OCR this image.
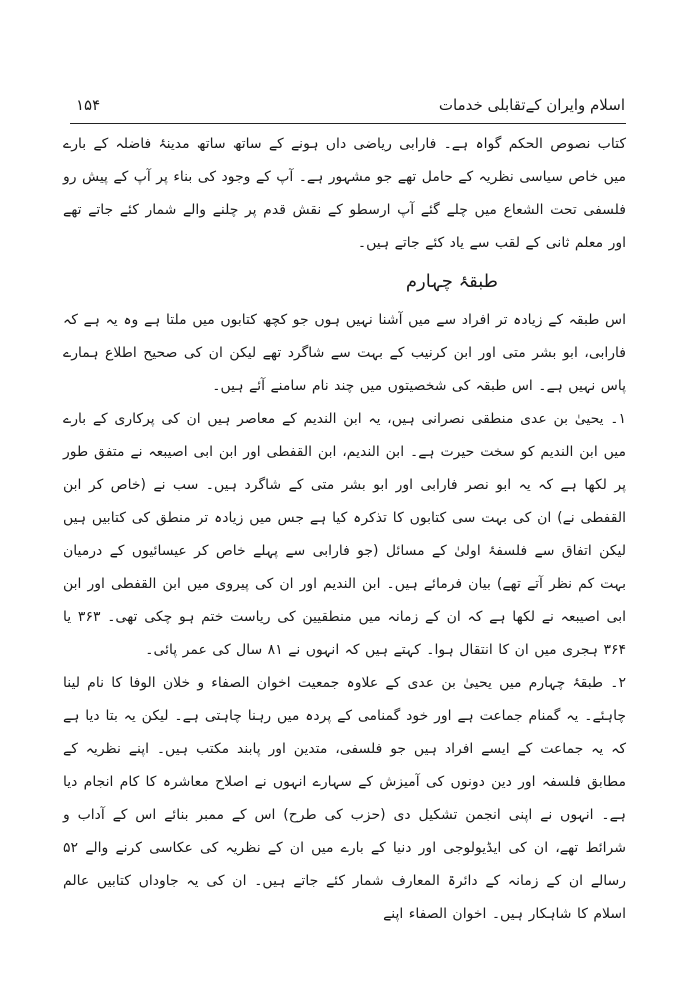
اسلام وایران کےتقابلی خدمات
۱۵۴

کتاب نصوص الحکم گواہ ہے۔ فارابی ریاضی داں ہونے کے ساتھ ساتھ مدینۂ فاضلہ کے بارے میں خاص سیاسی نظریہ کے حامل تھے جو مشہور ہے۔ آپ کے وجود کی بناء پر آپ کے پیش رو فلسفی تحت الشعاع میں چلے گئے آپ ارسطو کے نقش قدم پر چلنے والے شمار کئے جاتے تھے اور معلم ثانی کے لقب سے یاد کئے جاتے ہیں۔

طبقۂ چہارم

اس طبقہ کے زیادہ تر افراد سے میں آشنا نہیں ہوں جو کچھ کتابوں میں ملتا ہے وہ یہ ہے کہ فارابی، ابو بشر متی اور ابن کرنیب کے بہت سے شاگرد تھے لیکن ان کی صحیح اطلاع ہمارے پاس نہیں ہے۔ اس طبقہ کی شخصیتوں میں چند نام سامنے آئے ہیں۔

۱۔ یحییٰ بن عدی منطقی نصرانی ہیں، یہ ابن الندیم کے معاصر ہیں ان کی پرکاری کے بارے میں ابن الندیم کو سخت حیرت ہے۔ ابن الندیم، ابن القفطی اور ابن ابی اصیبعہ نے متفق طور پر لکھا ہے کہ یہ ابو نصر فارابی اور ابو بشر متی کے شاگرد ہیں۔ سب نے (خاص کر ابن القفطی نے) ان کی بہت سی کتابوں کا تذکرہ کیا ہے جس میں زیادہ تر منطق کی کتابیں ہیں لیکن اتفاق سے فلسفۂ اولیٰ کے مسائل (جو فارابی سے پہلے خاص کر عیسائیوں کے درمیان بہت کم نظر آتے تھے) بیان فرمائے ہیں۔ ابن الندیم اور ان کی پیروی میں ابن القفطی اور ابن ابی اصیبعہ نے لکھا ہے کہ ان کے زمانہ میں منطقیین کی ریاست ختم ہو چکی تھی۔ ۳۶۳ یا ۳۶۴ ہجری میں ان کا انتقال ہوا۔ کہتے ہیں کہ انہوں نے ۸۱ سال کی عمر پائی۔

۲۔ طبقۂ چہارم میں یحییٰ بن عدی کے علاوہ جمعیت اخوان الصفاء و خلان الوفا کا نام لینا چاہئے۔ یہ گمنام جماعت ہے اور خود گمنامی کے پردہ میں رہنا چاہتی ہے۔ لیکن یہ بتا دیا ہے کہ یہ جماعت کے ایسے افراد ہیں جو فلسفی، متدین اور پابند مکتب ہیں۔ اپنے نظریہ کے مطابق فلسفہ اور دین دونوں کی آمیزش کے سہارے انہوں نے اصلاح معاشرہ کا کام انجام دیا ہے۔ انہوں نے اپنی انجمن تشکیل دی (حزب کی طرح) اس کے ممبر بنائے اس کے آداب و شرائط تھے، ان کی ایڈیولوجی اور دنیا کے بارے میں ان کے نظریہ کی عکاسی کرنے والے ۵۲ رسالے ان کے زمانہ کے دائرۃ المعارف شمار کئے جاتے ہیں۔ ان کی یہ جاوداں کتابیں عالم اسلام کا شاہکار ہیں۔ اخوان الصفاء اپنے
